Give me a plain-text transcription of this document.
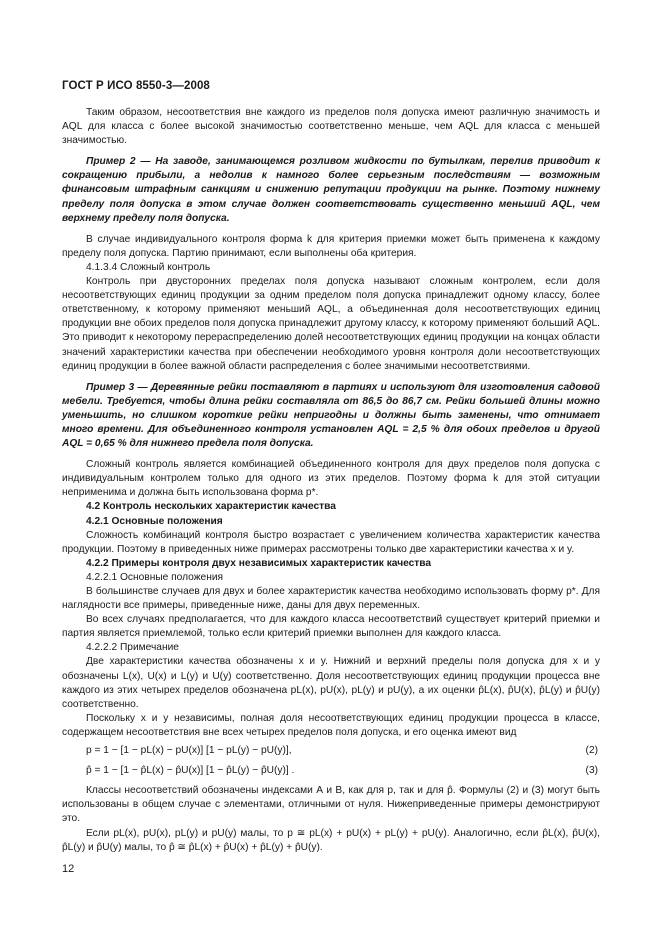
ГОСТ Р ИСО 8550-3—2008

Таким образом, несоответствия вне каждого из пределов поля допуска имеют различную значимость и AQL для класса с более высокой значимостью соответственно меньше, чем AQL для класса с меньшей значимостью.

Пример 2 — На заводе, занимающемся розливом жидкости по бутылкам, перелив приводит к сокращению прибыли, а недолив к намного более серьезным последствиям — возможным финансовым штрафным санкциям и снижению репутации продукции на рынке. Поэтому нижнему пределу поля допуска в этом случае должен соответствовать существенно меньший AQL, чем верхнему пределу поля допуска.

В случае индивидуального контроля форма k для критерия приемки может быть применена к каждому пределу поля допуска. Партию принимают, если выполнены оба критерия.

4.1.3.4 Сложный контроль

Контроль при двусторонних пределах поля допуска называют сложным контролем, если доля несоответствующих единиц продукции за одним пределом поля допуска принадлежит одному классу, более ответственному, к которому применяют меньший AQL, а объединенная доля несоответствующих единиц продукции вне обоих пределов поля допуска принадлежит другому классу, к которому применяют больший AQL. Это приводит к некоторому перераспределению долей несоответствующих единиц продукции на концах области значений характеристики качества при обеспечении необходимого уровня контроля доли несоответствующих единиц продукции в более важной области распределения с более значимыми несоответствиями.

Пример 3 — Деревянные рейки поставляют в партиях и используют для изготовления садовой мебели. Требуется, чтобы длина рейки составляла от 86,5 до 86,7 см. Рейки большей длины можно уменьшить, но слишком короткие рейки непригодны и должны быть заменены, что отнимает много времени. Для объединенного контроля установлен AQL = 2,5 % для обоих пределов и другой AQL = 0,65 % для нижнего предела поля допуска.

Сложный контроль является комбинацией объединенного контроля для двух пределов поля допуска с индивидуальным контролем только для одного из этих пределов. Поэтому форма k для этой ситуации неприменима и должна быть использована форма p*.

4.2 Контроль нескольких характеристик качества

4.2.1 Основные положения

Сложность комбинаций контроля быстро возрастает с увеличением количества характеристик качества продукции. Поэтому в приведенных ниже примерах рассмотрены только две характеристики качества x и y.

4.2.2 Примеры контроля двух независимых характеристик качества

4.2.2.1 Основные положения

В большинстве случаев для двух и более характеристик качества необходимо использовать форму p*. Для наглядности все примеры, приведенные ниже, даны для двух переменных.

Во всех случаях предполагается, что для каждого класса несоответствий существует критерий приемки и партия является приемлемой, только если критерий приемки выполнен для каждого класса.

4.2.2.2 Примечание

Две характеристики качества обозначены x и y. Нижний и верхний пределы поля допуска для x и y обозначены L(x), U(x) и L(y) и U(y) соответственно. Доля несоответствующих единиц продукции процесса вне каждого из этих четырех пределов обозначена pL(x), pU(x), pL(y) и pU(y), а их оценки p̂L(x), p̂U(x), p̂L(y) и p̂U(y) соответственно.

Поскольку x и y независимы, полная доля несоответствующих единиц продукции процесса в классе, содержащем несоответствия вне всех четырех пределов поля допуска, и его оценка имеют вид

p = 1 − [1 − pL(x) − pU(x)] [1 − pL(y) − pU(y)],	(2)
p̂ = 1 − [1 − p̂L(x) − p̂U(x)] [1 − p̂L(y) − p̂U(y)] .	(3)

Классы несоответствий обозначены индексами А и В, как для p, так и для p̂. Формулы (2) и (3) могут быть использованы в общем случае с элементами, отличными от нуля. Нижеприведенные примеры демонстрируют это.

Если pL(x), pU(x), pL(y) и pU(y) малы, то p ≅ pL(x) + pU(x) + pL(y) + pU(y). Аналогично, если p̂L(x), p̂U(x), p̂L(y) и p̂U(y) малы, то p̂ ≅ p̂L(x) + p̂U(x) + p̂L(y) + p̂U(y).

12
